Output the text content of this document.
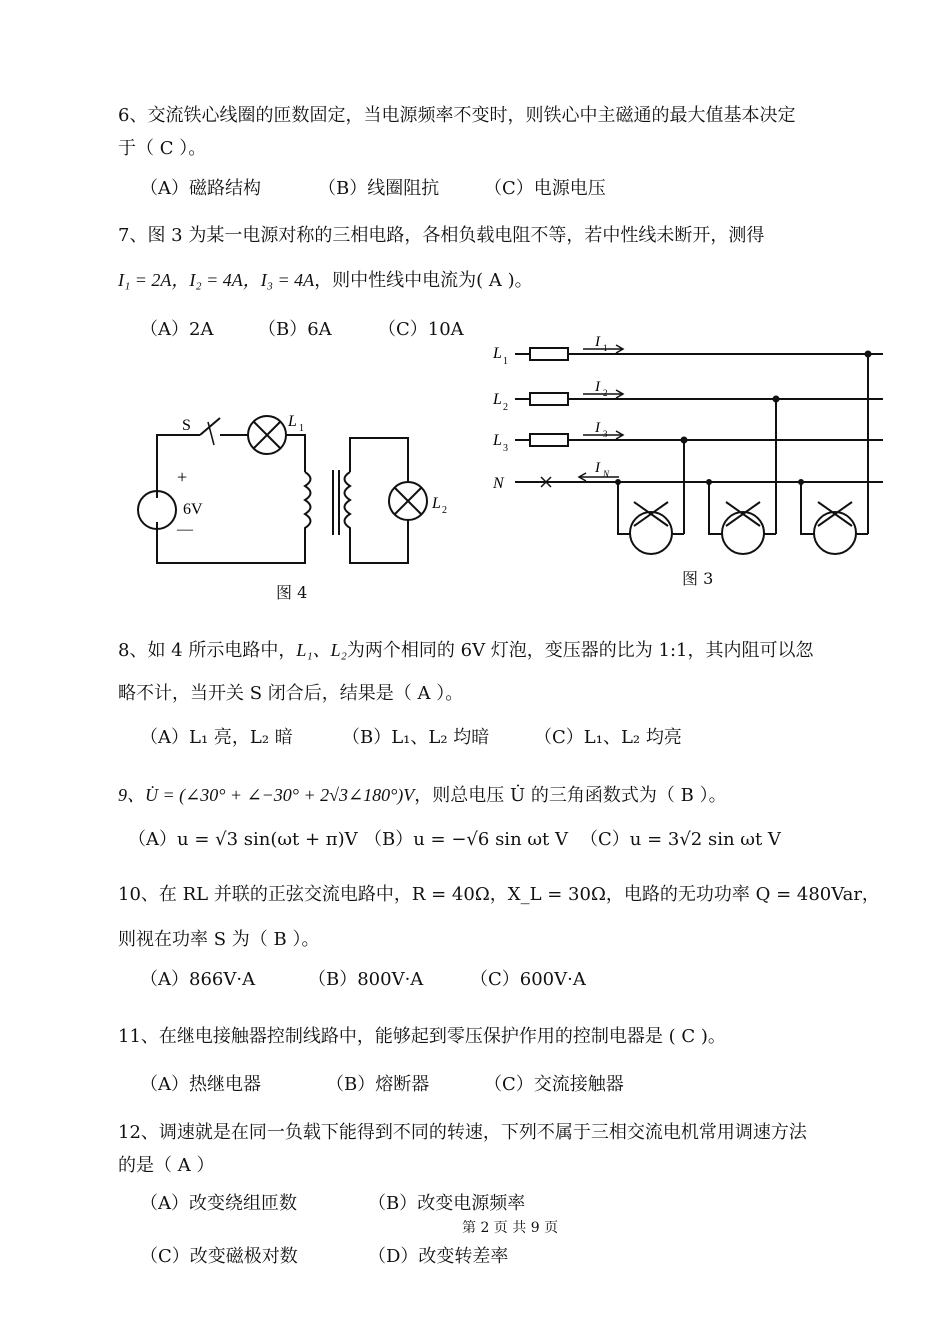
6、交流铁心线圈的匝数固定，当电源频率不变时，则铁心中主磁通的最大值基本决定
于（ C ）。
（A）磁路结构	（B）线圈阻抗 （C）电源电压
7、图 3 为某一电源对称的三相电路，各相负载电阻不等，若中性线未断开，测得
I₁ = 2A，I₂ = 4A，I₃ = 4A，则中性线中电流为( A )。
（A）2A （B）6A	（C）10A
S	L 1
+
6V
—
L 2
图 4
L 1
L 2
L 3
N
I 1
I 2
I 3
I N
图 3
8、如 4 所示电路中，L₁、L₂为两个相同的 6V 灯泡，变压器的比为 1:1，其内阻可以忽
略不计，当开关 S 闭合后，结果是（ A ）。
（A）L₁ 亮，L₂ 暗	（B）L₁、L₂ 均暗 （C）L₁、L₂ 均亮
9、U̇ = (∠30° + ∠−30° + 2√3∠180°)V，则总电压 U̇ 的三角函数式为（ B ）。
（A）u = √3 sin(ωt + π)V （B）u = −√6 sin ωt V （C）u = 3√2 sin ωt V
10、在 RL 并联的正弦交流电路中，R = 40Ω，X_L = 30Ω，电路的无功功率 Q = 480Var，
则视在功率 S 为（ B ）。
（A）866V·A	（B）800V·A	（C）600V·A
11、在继电接触器控制线路中，能够起到零压保护作用的控制电器是 ( C )。
（A）热继电器	（B）熔断器	（C）交流接触器
12、调速就是在同一负载下能得到不同的转速，下列不属于三相交流电机常用调速方法
的是（ A ）
（A）改变绕组匝数	（B）改变电源频率
第 2 页 共 9 页
（C）改变磁极对数	（D）改变转差率
